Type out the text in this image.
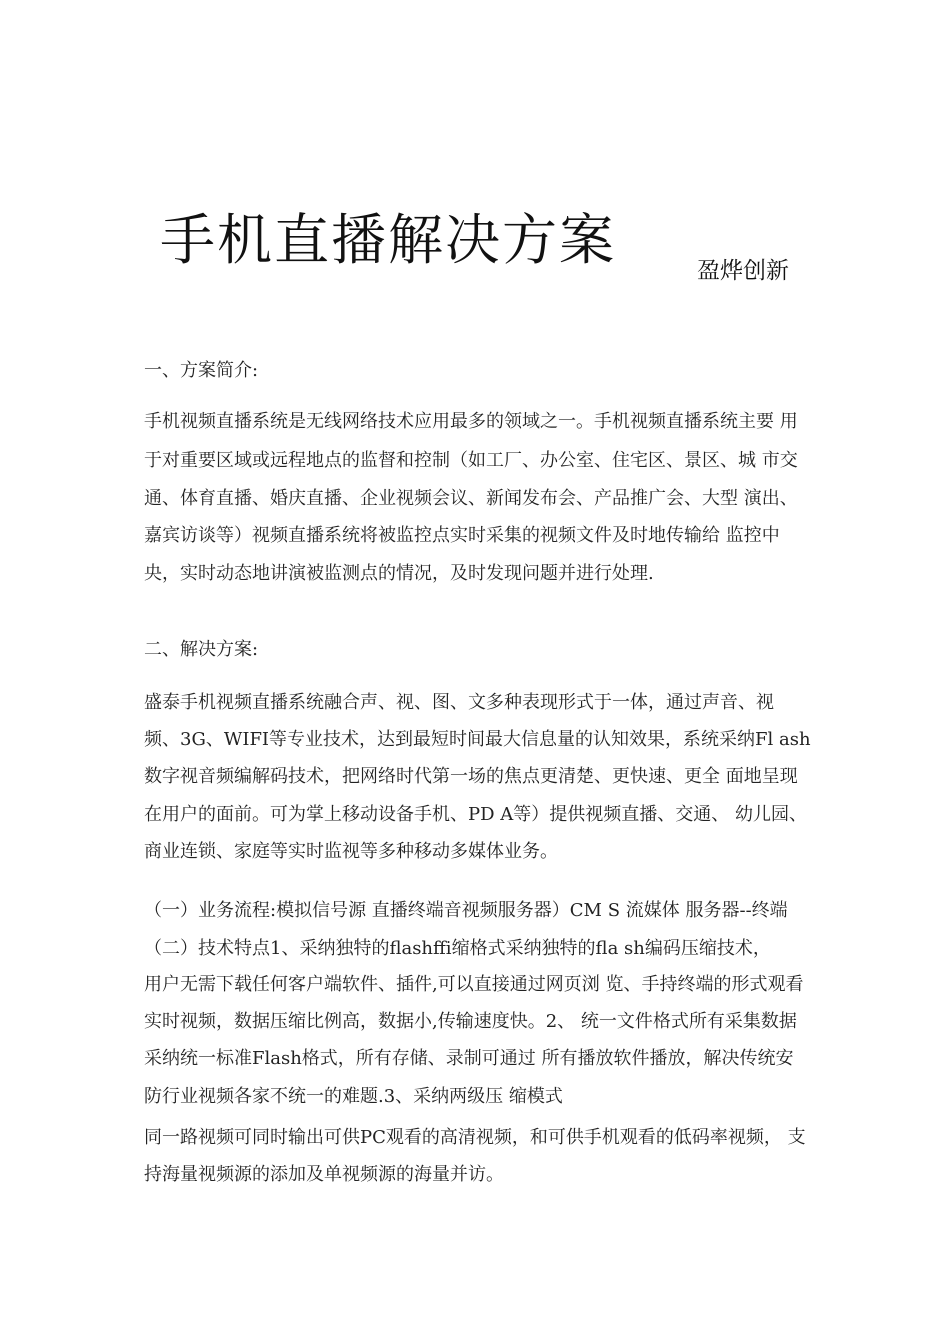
手机直播解决方案	盈烨创新
一、方案简介:
手机视频直播系统是无线网络技术应用最多的领域之一。手机视频直播系统主要 用
于对重要区域或远程地点的监督和控制（如工厂、办公室、住宅区、景区、城 市交
通、体育直播、婚庆直播、企业视频会议、新闻发布会、产品推广会、大型 演出、
嘉宾访谈等）视频直播系统将被监控点实时采集的视频文件及时地传输给 监控中
央，实时动态地讲演被监测点的情况，及时发现问题并进行处理.
二、解决方案:
盛泰手机视频直播系统融合声、视、图、文多种表现形式于一体，通过声音、视
频、3G、WIFI等专业技术，达到最短时间最大信息量的认知效果，系统采纳Fl ash
数字视音频编解码技术，把网络时代第一场的焦点更清楚、更快速、更全 面地呈现
在用户的面前。可为掌上移动设备手机、PD A等）提供视频直播、交通、 幼儿园、
商业连锁、家庭等实时监视等多种移动多媒体业务。
（一）业务流程:模拟信号源 直播终端音视频服务器）CM S 流媒体 服务器--终端
（二）技术特点1、采纳独特的flashffi缩格式采纳独特的fla sh编码压缩技术，
用户无需下载任何客户端软件、插件,可以直接通过网页浏 览、手持终端的形式观看
实时视频，数据压缩比例高，数据小,传输速度快。2、 统一文件格式所有采集数据
采纳统一标准Flash格式，所有存储、录制可通过 所有播放软件播放，解决传统安
防行业视频各家不统一的难题.3、采纳两级压 缩模式
同一路视频可同时输出可供PC观看的高清视频，和可供手机观看的低码率视频， 支
持海量视频源的添加及单视频源的海量并访。
